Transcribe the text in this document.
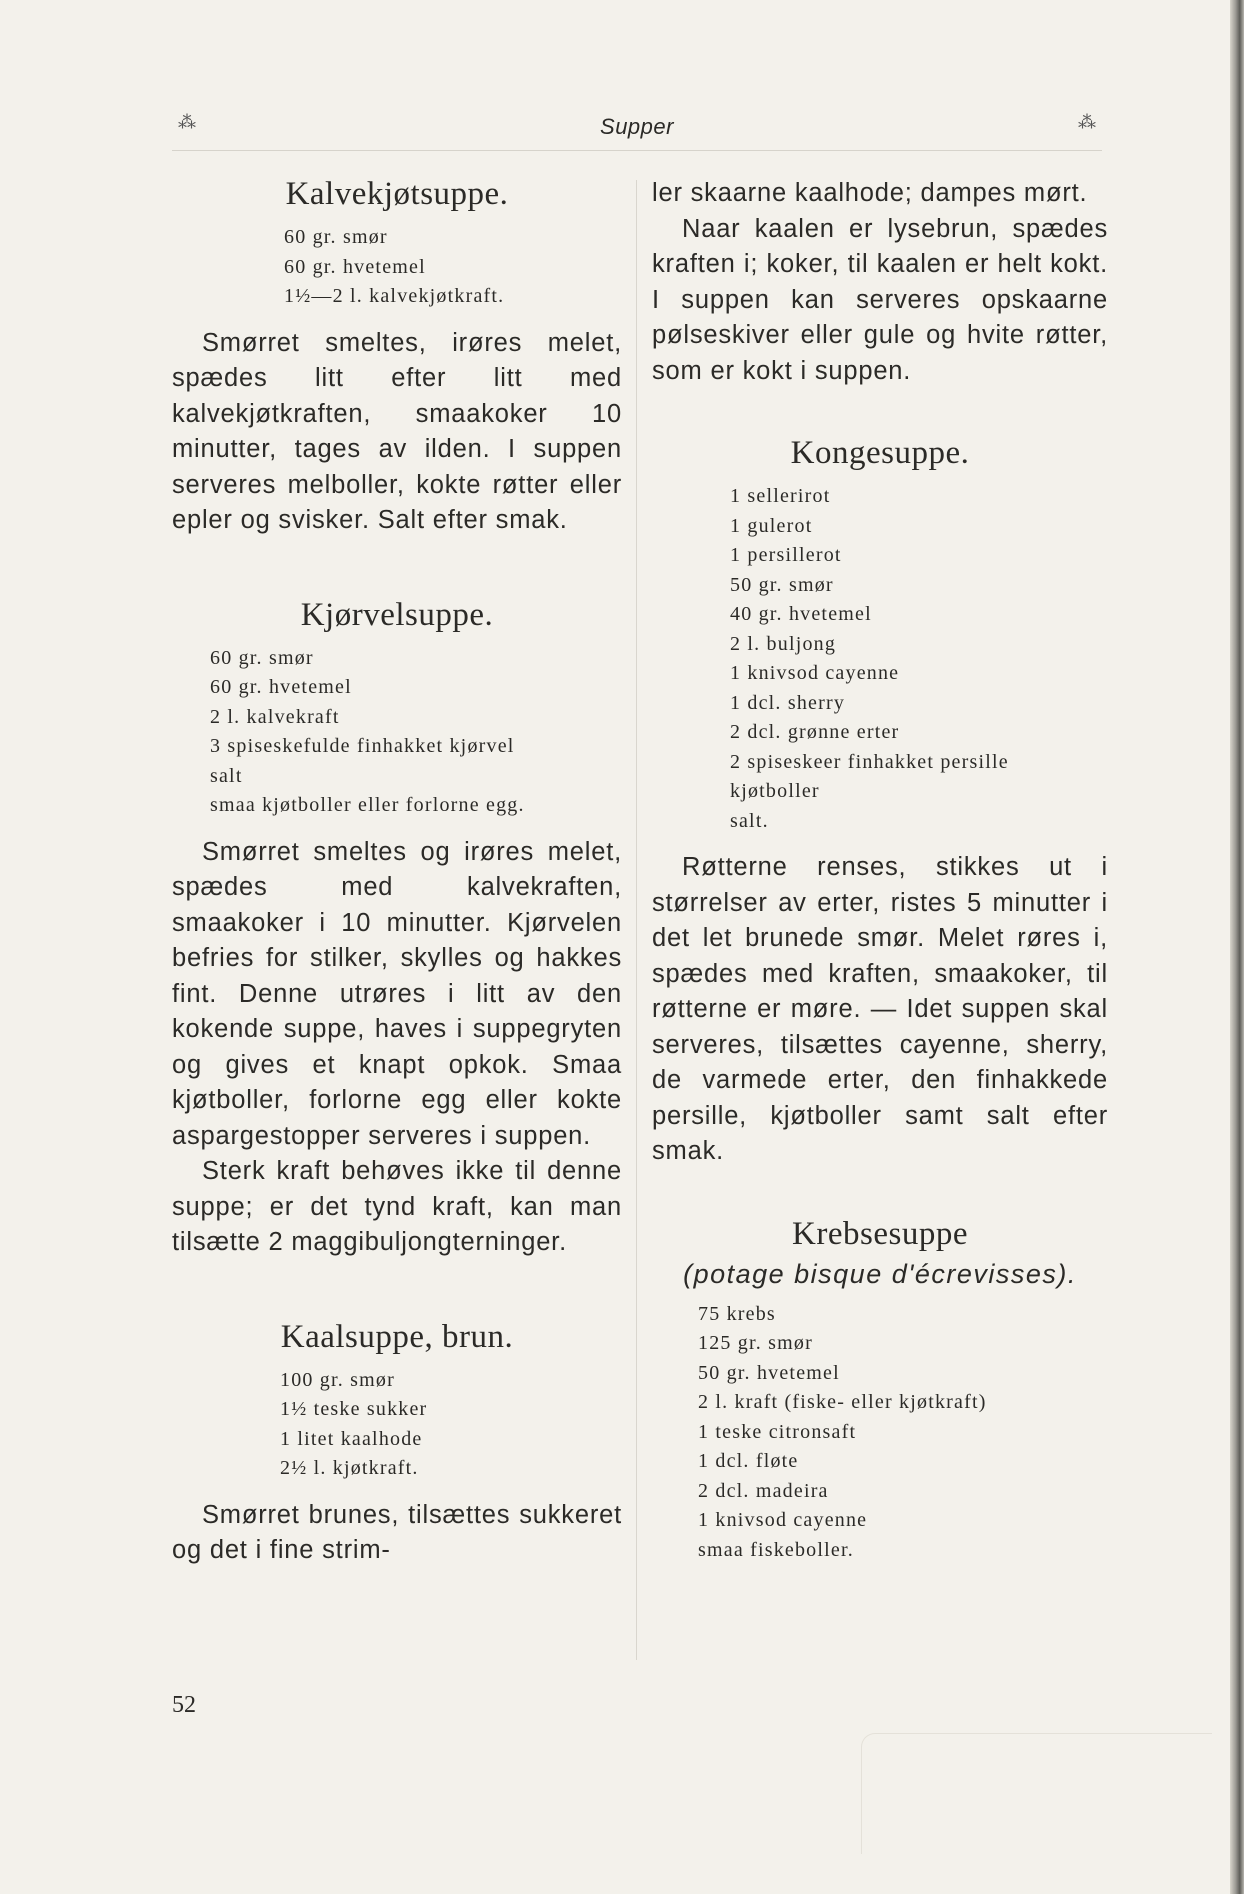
⁂	Supper	⁂
Kalvekjøtsuppe.
60 gr. smør
60 gr. hvetemel
1½—2 l. kalvekjøtkraft.

Smørret smeltes, irøres melet, spædes litt efter litt med kalvekjøtkraften, smaakoker 10 minutter, tages av ilden. I suppen serveres melboller, kokte røtter eller epler og svisker. Salt efter smak.

Kjørvelsuppe.
60 gr. smør
60 gr. hvetemel
2 l. kalvekraft
3 spiseskefulde finhakket kjørvel
salt
smaa kjøtboller eller forlorne egg.

Smørret smeltes og irøres melet, spædes med kalvekraften, smaakoker i 10 minutter. Kjørvelen befries for stilker, skylles og hakkes fint. Denne utrøres i litt av den kokende suppe, haves i suppegryten og gives et knapt opkok. Smaa kjøtboller, forlorne egg eller kokte aspargestopper serveres i suppen.

Sterk kraft behøves ikke til denne suppe; er det tynd kraft, kan man tilsætte 2 maggibuljongterninger.

Kaalsuppe, brun.
100 gr. smør
1½ teske sukker
1 litet kaalhode
2½ l. kjøtkraft.

Smørret brunes, tilsættes sukkeret og det i fine strim-

ler skaarne kaalhode; dampes mørt.

Naar kaalen er lysebrun, spædes kraften i; koker, til kaalen er helt kokt. I suppen kan serveres opskaarne pølseskiver eller gule og hvite røtter, som er kokt i suppen.

Kongesuppe.
1 sellerirot
1 gulerot
1 persillerot
50 gr. smør
40 gr. hvetemel
2 l. buljong
1 knivsod cayenne
1 dcl. sherry
2 dcl. grønne erter
2 spiseskeer finhakket persille
kjøtboller
salt.

Røtterne renses, stikkes ut i størrelser av erter, ristes 5 minutter i det let brunede smør. Melet røres i, spædes med kraften, smaakoker, til røtterne er møre. — Idet suppen skal serveres, tilsættes cayenne, sherry, de varmede erter, den finhakkede persille, kjøtboller samt salt efter smak.

Krebsesuppe
(potage bisque d'écrevisses).
75 krebs
125 gr. smør
50 gr. hvetemel
2 l. kraft (fiske- eller kjøtkraft)
1 teske citronsaft
1 dcl. fløte
2 dcl. madeira
1 knivsod cayenne
smaa fiskeboller.
52
